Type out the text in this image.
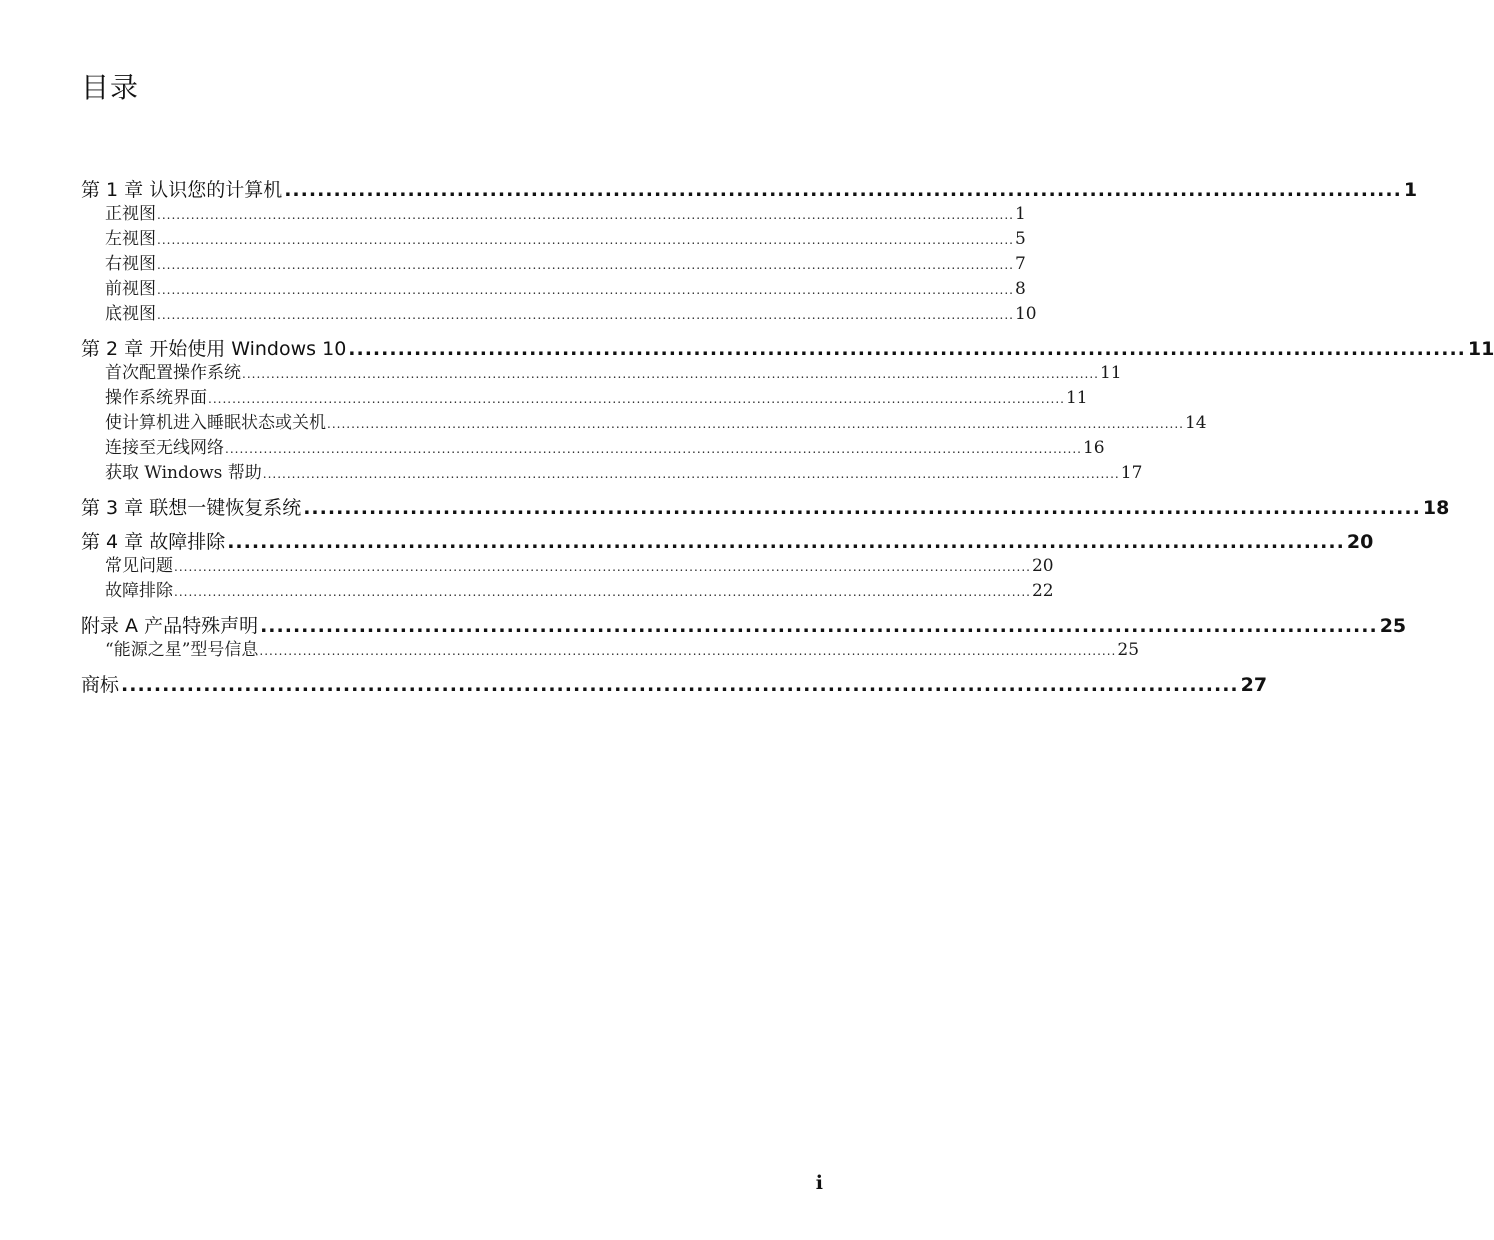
目录
第 1 章 认识您的计算机 ........................................................................................................................................ 1
正视图 .................................................................................................................................................................................. 1
左视图 .................................................................................................................................................................................. 5
右视图 .................................................................................................................................................................................. 7
前视图 .................................................................................................................................................................................. 8
底视图 .................................................................................................................................................................................. 10
第 2 章 开始使用 Windows 10 ........................................................................................................................................ 11
首次配置操作系统 .................................................................................................................................................................................. 11
操作系统界面 .................................................................................................................................................................................. 11
使计算机进入睡眠状态或关机 .................................................................................................................................................................................. 14
连接至无线网络 .................................................................................................................................................................................. 16
获取 Windows 帮助 .................................................................................................................................................................................. 17
第 3 章 联想一键恢复系统 ........................................................................................................................................ 18
第 4 章 故障排除 ........................................................................................................................................ 20
常见问题 .................................................................................................................................................................................. 20
故障排除 .................................................................................................................................................................................. 22
附录 A 产品特殊声明 ........................................................................................................................................ 25
“能源之星”型号信息 .................................................................................................................................................................................. 25
商标 ........................................................................................................................................ 27
i
